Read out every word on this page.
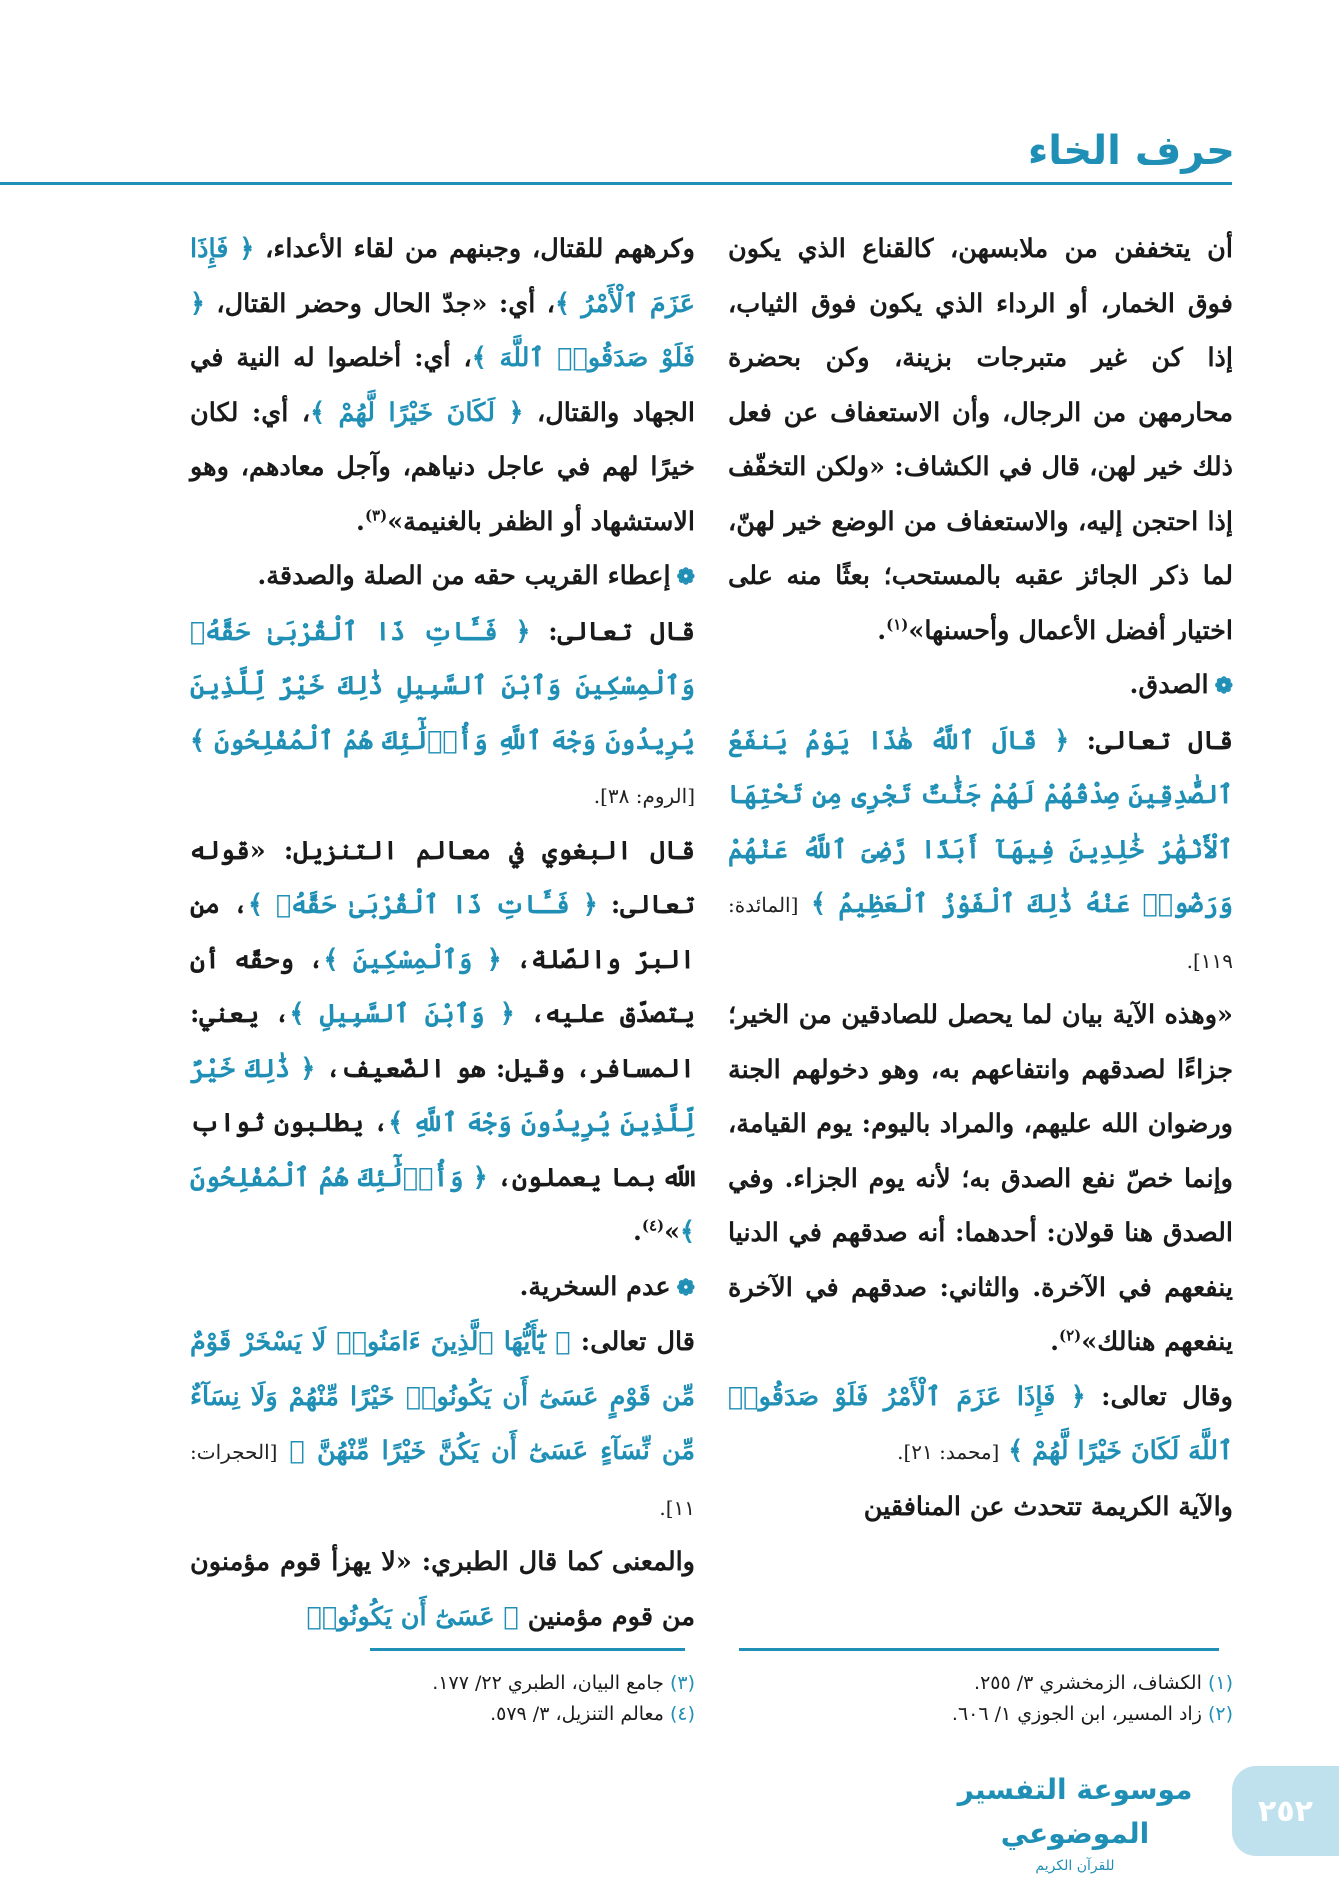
حرف الخاء

أن يتخففن من ملابسهن، كالقناع الذي يكون فوق الخمار، أو الرداء الذي يكون فوق الثياب، إذا كن غير متبرجات بزينة، وكن بحضرة محارمهن من الرجال، وأن الاستعفاف عن فعل ذلك خير لهن، قال في الكشاف: «ولكن التخفّف إذا احتجن إليه، والاستعفاف من الوضع خير لهنّ، لما ذكر الجائز عقبه بالمستحب؛ بعثًا منه على اختيار أفضل الأعمال وأحسنها»$^{(١)}$.

❁الصدق.

قال تعالى: ﴿ قَالَ ٱللَّهُ هَٰذَا يَوْمُ يَنفَعُ ٱلصَّٰدِقِينَ صِدْقُهُمْ لَهُمْ جَنَّٰتٌ تَجْرِى مِن تَحْتِهَا ٱلْأَنْهَٰرُ خَٰلِدِينَ فِيهَآ أَبَدًا رَّضِىَ ٱللَّهُ عَنْهُمْ وَرَضُوا۟ عَنْهُ ذَٰلِكَ ٱلْفَوْزُ ٱلْعَظِيمُ ﴾ [المائدة: ١١٩].

«وهذه الآية بيان لما يحصل للصادقين من الخير؛ جزاءًا لصدقهم وانتفاعهم به، وهو دخولهم الجنة ورضوان الله عليهم، والمراد باليوم: يوم القيامة، وإنما خصّ نفع الصدق به؛ لأنه يوم الجزاء. وفي الصدق هنا قولان: أحدهما: أنه صدقهم في الدنيا ينفعهم في الآخرة. والثاني: صدقهم في الآخرة ينفعهم هنالك»$^{(٢)}$.

وقال تعالى: ﴿ فَإِذَا عَزَمَ ٱلْأَمْرُ فَلَوْ صَدَقُوا۟ ٱللَّهَ لَكَانَ خَيْرًا لَّهُمْ ﴾ [محمد: ٢١].

والآية الكريمة تتحدث عن المنافقين

وكرههم للقتال، وجبنهم من لقاء الأعداء، ﴿ فَإِذَا عَزَمَ ٱلْأَمْرُ ﴾، أي: «جدّ الحال وحضر القتال، ﴿ فَلَوْ صَدَقُوا۟ ٱللَّهَ ﴾، أي: أخلصوا له النية في الجهاد والقتال، ﴿ لَكَانَ خَيْرًا لَّهُمْ ﴾، أي: لكان خيرًا لهم في عاجل دنياهم، وآجل معادهم، وهو الاستشهاد أو الظفر بالغنيمة»$^{(٣)}$.

❁إعطاء القريب حقه من الصلة والصدقة.

قال تعالى: ﴿ فَـَٔاتِ ذَا ٱلْقُرْبَىٰ حَقَّهُۥ وَٱلْمِسْكِينَ وَٱبْنَ ٱلسَّبِيلِ ذَٰلِكَ خَيْرٌ لِّلَّذِينَ يُرِيدُونَ وَجْهَ ٱللَّهِ وَأُو۟لَٰٓئِكَ هُمُ ٱلْمُفْلِحُونَ ﴾ [الروم: ٣٨].

قال البغوي في معالم التنزيل: «قوله تعالى: ﴿ فَـَٔاتِ ذَا ٱلْقُرْبَىٰ حَقَّهُۥ ﴾، من البرّ والصّلة، ﴿ وَٱلْمِسْكِينَ ﴾، وحقّه أن يتصدّق عليه، ﴿ وَٱبْنَ ٱلسَّبِيلِ ﴾، يعني: المسافر، وقيل: هو الضّعيف، ﴿ ذَٰلِكَ خَيْرٌ لِّلَّذِينَ يُرِيدُونَ وَجْهَ ٱللَّهِ ﴾، يطلبون ثواب اللّه بما يعملون، ﴿ وَأُو۟لَٰٓئِكَ هُمُ ٱلْمُفْلِحُونَ ﴾»$^{(٤)}$.

❁عدم السخرية.

قال تعالى: ﴿ يَٰٓأَيُّهَا ٱلَّذِينَ ءَامَنُوا۟ لَا يَسْخَرْ قَوْمٌ مِّن قَوْمٍ عَسَىٰٓ أَن يَكُونُوا۟ خَيْرًا مِّنْهُمْ وَلَا نِسَآءٌ مِّن نِّسَآءٍ عَسَىٰٓ أَن يَكُنَّ خَيْرًا مِّنْهُنَّ ﴾ [الحجرات: ١١].

والمعنى كما قال الطبري: «لا يهزأ قوم مؤمنون من قوم مؤمنين ﴿ عَسَىٰٓ أَن يَكُونُوا۟

(١) الكشاف، الزمخشري ٣/ ٢٥٥.
(٢) زاد المسير، ابن الجوزي ١/ ٦٠٦.
(٣) جامع البيان، الطبري ٢٢/ ١٧٧.
(٤) معالم التنزيل، ٣/ ٥٧٩.
موسوعة التفسير الموضوعي
للقرآن الكريم
٢٥٢
